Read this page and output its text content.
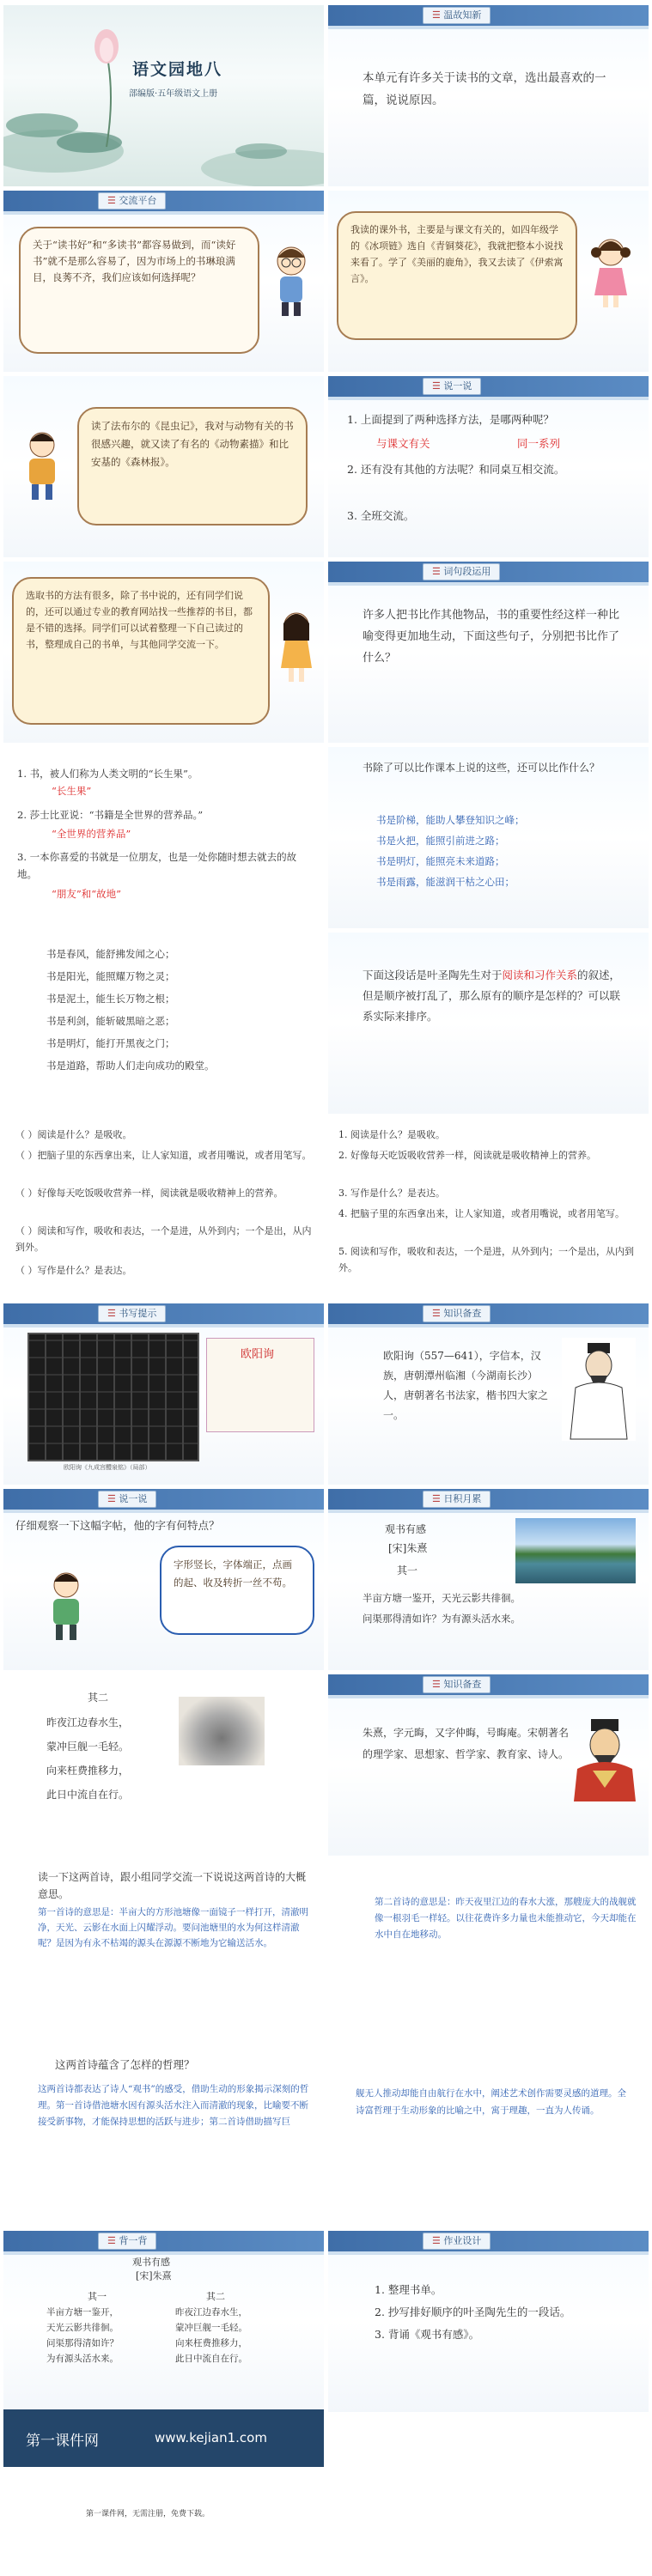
语文园地八
部编版·五年级语文上册
☰ 温故知新
本单元有许多关于读书的文章，选出最喜欢的一篇，说说原因。
☰ 交流平台
关于“读书好”和“多读书”都容易做到，而“读好书”就不是那么容易了，因为市场上的书琳琅满目，良莠不齐，我们应该如何选择呢？
我读的课外书，主要是与课文有关的，如四年级学的《冰项链》选自《青铜葵花》，我就把整本小说找来看了。学了《美丽的鹿角》，我又去读了《伊索寓言》。
读了法布尔的《昆虫记》，我对与动物有关的书很感兴趣，就又读了有名的《动物素描》和比安基的《森林报》。
☰ 说一说
1. 上面提到了两种选择方法，是哪两种呢？
与课文有关	同一系列
2. 还有没有其他的方法呢？和同桌互相交流。
3. 全班交流。
选取书的方法有很多，除了书中说的，还有同学们说的，还可以通过专业的教育网站找一些推荐的书目，都是不错的选择。同学们可以试着整理一下自己读过的书，整理成自己的书单，与其他同学交流一下。
☰ 词句段运用
许多人把书比作其他物品，书的重要性经这样一种比喻变得更加地生动，下面这些句子，分别把书比作了什么？
1. 书，被人们称为人类文明的“长生果”。
“长生果”
2. 莎士比亚说：“书籍是全世界的营养品。”
“全世界的营养品”
3. 一本你喜爱的书就是一位朋友，也是一处你随时想去就去的故地。
“朋友”和“故地”
书除了可以比作课本上说的这些，还可以比作什么？
书是阶梯，能助人攀登知识之峰；
书是火把，能照引前进之路；
书是明灯，能照亮未来道路；
书是雨露，能滋润干枯之心田；
书是春风，能舒拂发闻之心；
书是阳光，能照耀万物之灵；
书是泥土，能生长万物之根；
书是利剑，能斩破黑暗之恶；
书是明灯，能打开黑夜之门；
书是道路，帮助人们走向成功的殿堂。
下面这段话是叶圣陶先生对于阅读和习作关系的叙述，但是顺序被打乱了，那么原有的顺序是怎样的？可以联系实际来排序。
（ ）阅读是什么？是吸收。
（ ）把脑子里的东西拿出来，让人家知道，或者用嘴说，或者用笔写。
（ ）好像每天吃饭吸收营养一样，阅读就是吸收精神上的营养。
（ ）阅读和写作，吸收和表达，一个是进，从外到内；一个是出，从内到外。
（ ）写作是什么？是表达。
1. 阅读是什么？是吸收。
2. 好像每天吃饭吸收营养一样，阅读就是吸收精神上的营养。
3. 写作是什么？是表达。
4. 把脑子里的东西拿出来，让人家知道，或者用嘴说，或者用笔写。
5. 阅读和写作，吸收和表达，一个是进，从外到内；一个是出，从内到外。
☰ 书写提示
欧阳询
欧阳询《九成宫醴泉铭》（局部）
☰ 知识备查
欧阳询（557—641），字信本，汉族，唐朝潭州临湘（今湖南长沙）人，唐朝著名书法家，楷书四大家之一。
☰ 说一说
仔细观察一下这幅字帖，他的字有何特点？
字形竖长，字体端正，点画的起、收及转折一丝不苟。
☰ 日积月累
观书有感
[宋]朱熹
其一
半亩方塘一鉴开，天光云影共徘徊。
问渠那得清如许？为有源头活水来。
其二
昨夜江边春水生，
蒙冲巨舰一毛轻。
向来枉费推移力，
此日中流自在行。
☰ 知识备查
朱熹，字元晦，又字仲晦，号晦庵。宋朝著名的理学家、思想家、哲学家、教育家、诗人。
读一下这两首诗，跟小组同学交流一下说说这两首诗的大概意思。
第一首诗的意思是：半亩大的方形池塘像一面镜子一样打开，清澈明净，天光、云影在水面上闪耀浮动。要问池塘里的水为何这样清澈呢？是因为有永不枯竭的源头在源源不断地为它输送活水。
第二首诗的意思是：昨天夜里江边的春水大涨，那艘庞大的战舰就像一根羽毛一样轻。以往花费许多力量也未能推动它，今天却能在水中自在地移动。
这两首诗蕴含了怎样的哲理？
这两首诗都表达了诗人“观书”的感受，借助生动的形象揭示深刻的哲理。第一首诗借池塘水因有源头活水注入而清澈的现象，比喻要不断接受新事物，才能保持思想的活跃与进步；第二首诗借助描写巨
舰无人推动却能自由航行在水中，阐述艺术创作需要灵感的道理。全诗富哲理于生动形象的比喻之中，寓于理趣，一直为人传诵。
☰ 背一背
观书有感
[宋]朱熹
其一
半亩方塘一鉴开，
天光云影共徘徊。
问渠那得清如许？
为有源头活水来。
其二
昨夜江边春水生，
蒙冲巨舰一毛轻。
向来枉费推移力，
此日中流自在行。
☰ 作业设计
1. 整理书单。
2. 抄写排好顺序的叶圣陶先生的一段话。
3. 背诵《观书有感》。
第一课件网	www.kejian1.com
第一课件网，无需注册，免费下载。
